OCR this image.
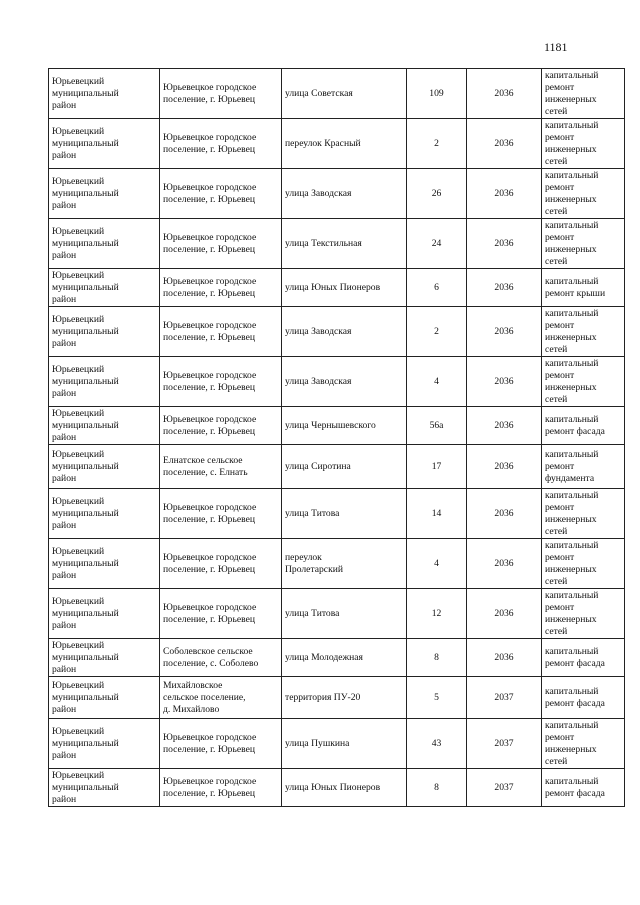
1181
Юрьевецкий
муниципальный
район	Юрьевецкое городское
поселение, г. Юрьевец	улица Советская	109	2036	капитальный
ремонт
инженерных
сетей

Юрьевецкий
муниципальный
район	Юрьевецкое городское
поселение, г. Юрьевец	переулок Красный	2	2036	капитальный
ремонт
инженерных
сетей

Юрьевецкий
муниципальный
район	Юрьевецкое городское
поселение, г. Юрьевец	улица Заводская	26	2036	капитальный
ремонт
инженерных
сетей

Юрьевецкий
муниципальный
район	Юрьевецкое городское
поселение, г. Юрьевец	улица Текстильная	24	2036	капитальный
ремонт
инженерных
сетей

Юрьевецкий
муниципальный
район	Юрьевецкое городское
поселение, г. Юрьевец	улица Юных Пионеров	6	2036	капитальный
ремонт крыши

Юрьевецкий
муниципальный
район	Юрьевецкое городское
поселение, г. Юрьевец	улица Заводская	2	2036	капитальный
ремонт
инженерных
сетей

Юрьевецкий
муниципальный
район	Юрьевецкое городское
поселение, г. Юрьевец	улица Заводская	4	2036	капитальный
ремонт
инженерных
сетей

Юрьевецкий
муниципальный
район	Юрьевецкое городское
поселение, г. Юрьевец	улица Чернышевского	56а	2036	капитальный
ремонт фасада

Юрьевецкий
муниципальный
район	Елнатское сельское
поселение, с. Елнать	улица Сиротина	17	2036	капитальный
ремонт
фундамента

Юрьевецкий
муниципальный
район	Юрьевецкое городское
поселение, г. Юрьевец	улица Титова	14	2036	капитальный
ремонт
инженерных
сетей

Юрьевецкий
муниципальный
район	Юрьевецкое городское
поселение, г. Юрьевец	переулок
Пролетарский	4	2036	капитальный
ремонт
инженерных
сетей

Юрьевецкий
муниципальный
район	Юрьевецкое городское
поселение, г. Юрьевец	улица Титова	12	2036	капитальный
ремонт
инженерных
сетей

Юрьевецкий
муниципальный
район	Соболевское сельское
поселение, с. Соболево	улица Молодежная	8	2036	капитальный
ремонт фасада

Юрьевецкий
муниципальный
район	Михайловское
сельское поселение,
д. Михайлово	территория ПУ-20	5	2037	капитальный
ремонт фасада

Юрьевецкий
муниципальный
район	Юрьевецкое городское
поселение, г. Юрьевец	улица Пушкина	43	2037	капитальный
ремонт
инженерных
сетей

Юрьевецкий
муниципальный
район	Юрьевецкое городское
поселение, г. Юрьевец	улица Юных Пионеров	8	2037	капитальный
ремонт фасада
